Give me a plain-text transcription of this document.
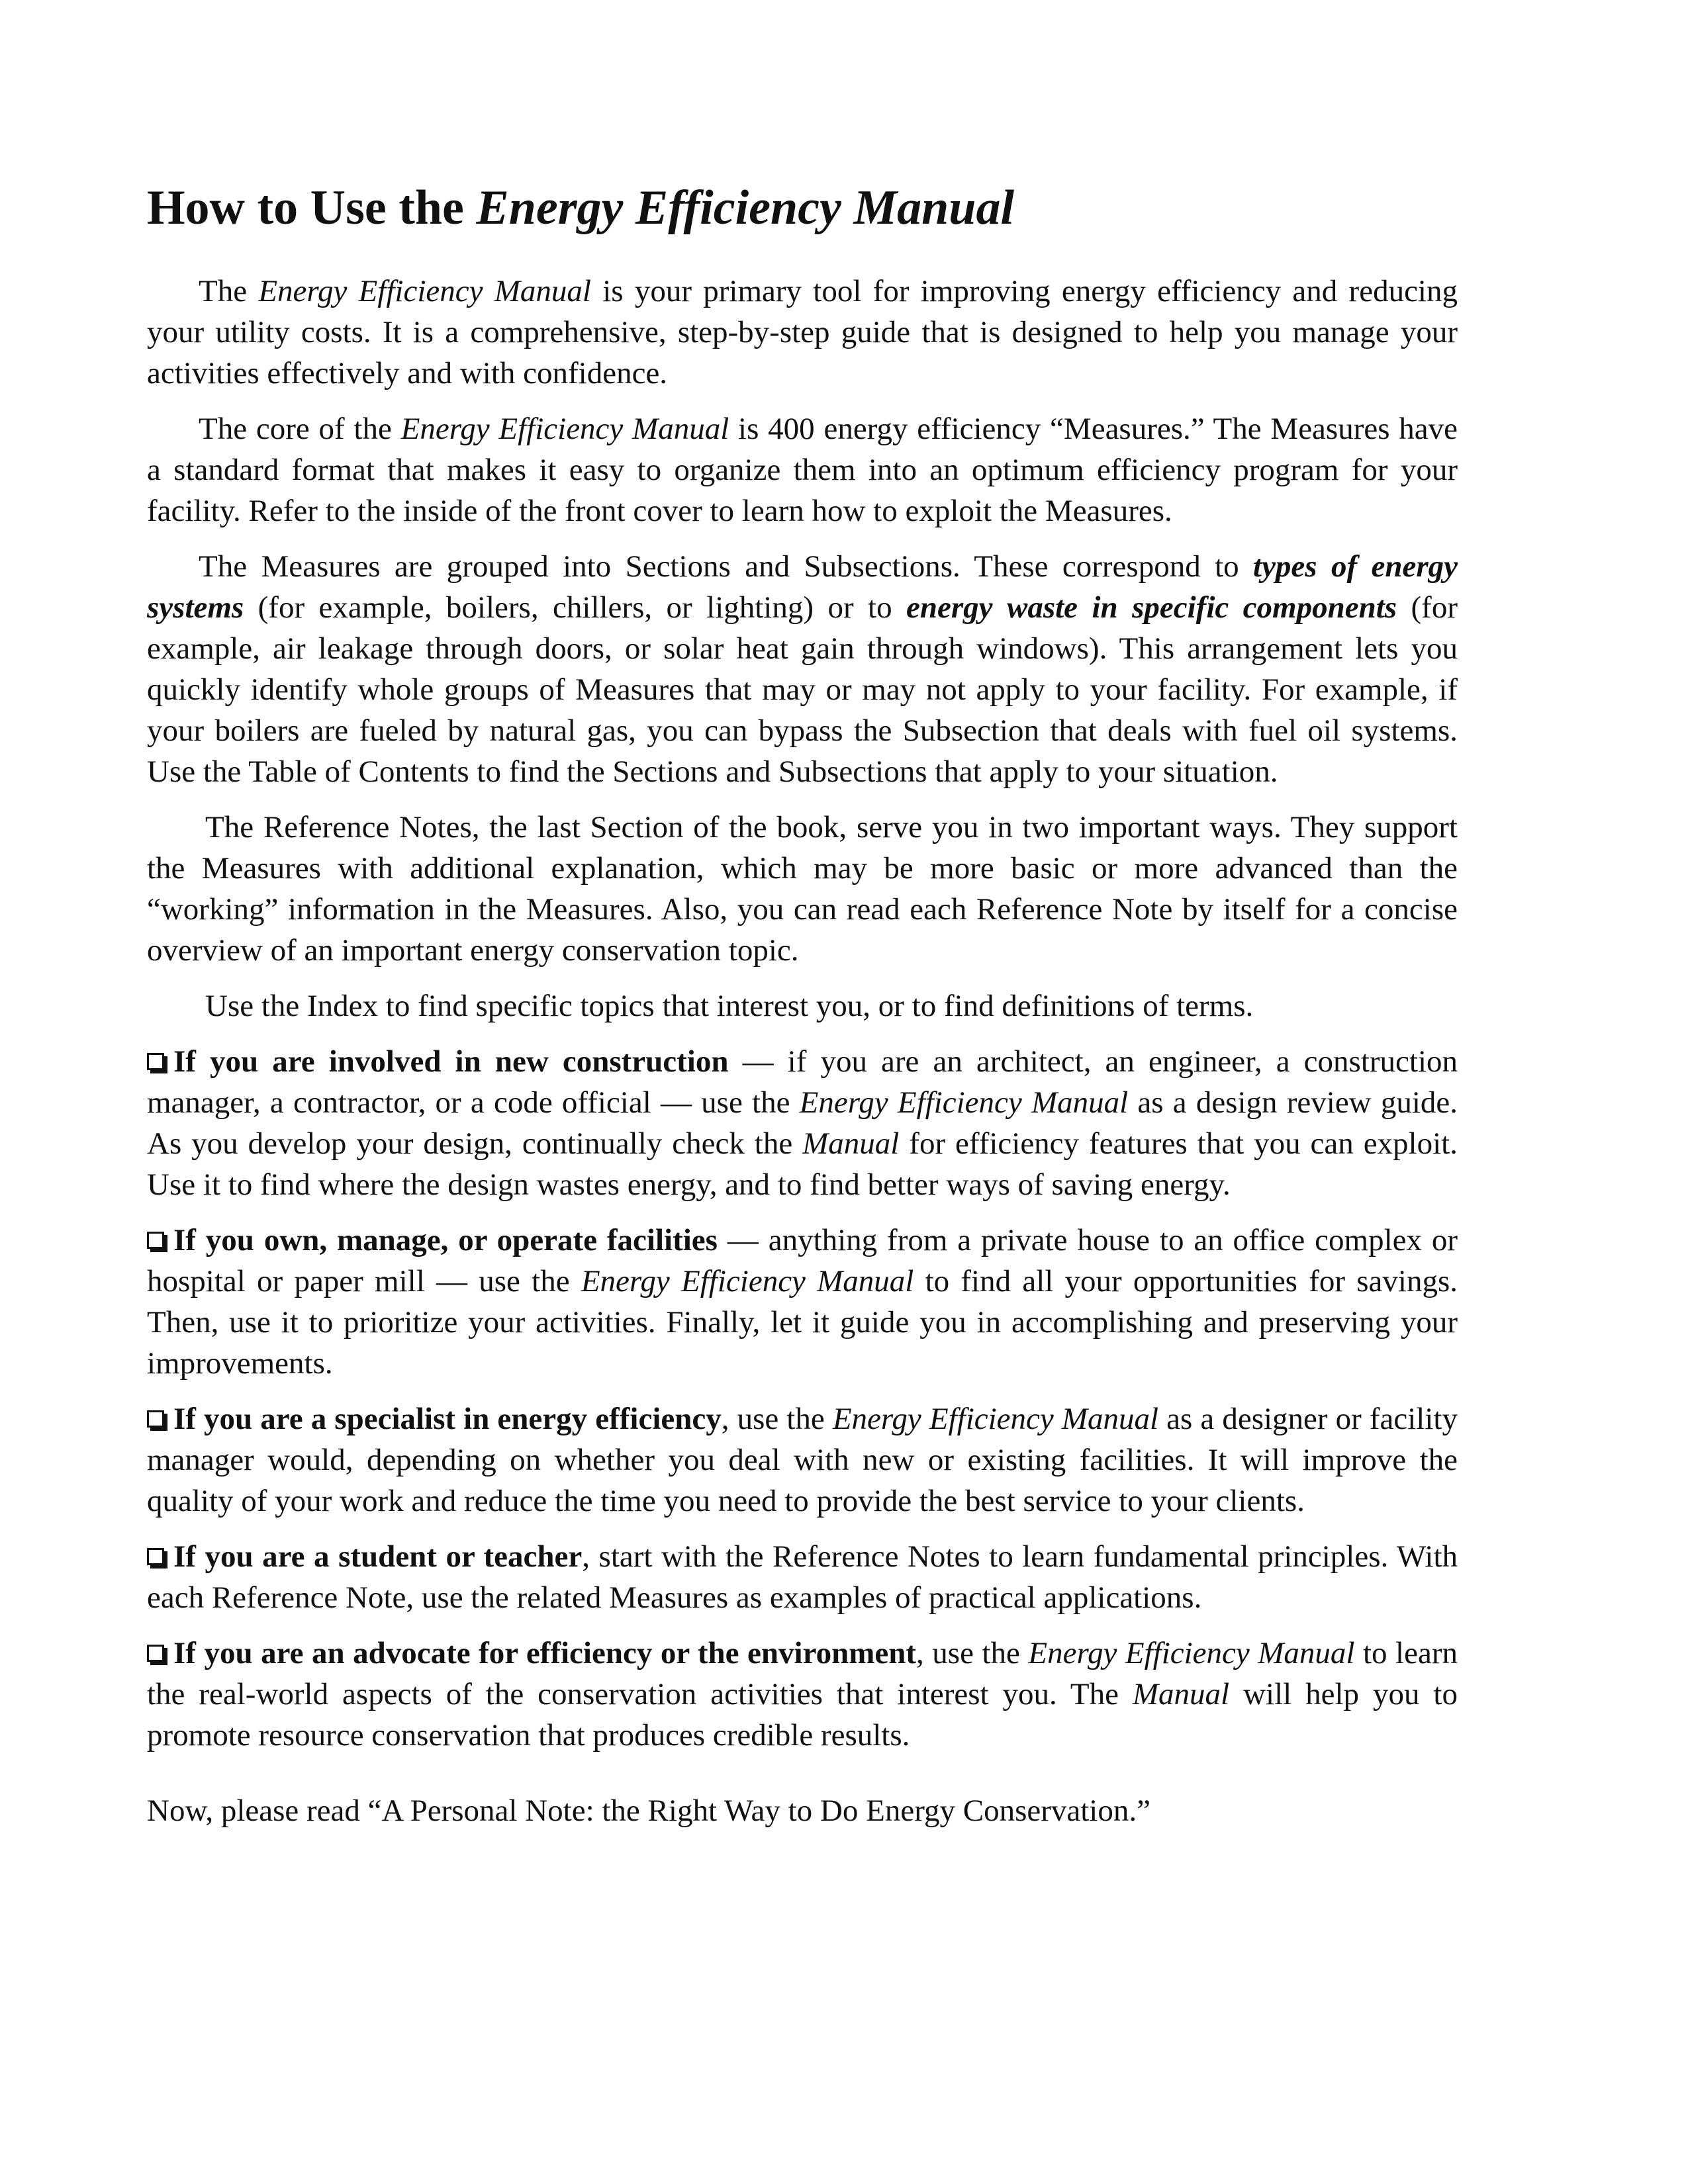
How to Use the Energy Efficiency Manual

The Energy Efficiency Manual is your primary tool for improving energy efficiency and reducing your utility costs. It is a comprehensive, step-by-step guide that is designed to help you manage your activities effectively and with confidence.

The core of the Energy Efficiency Manual is 400 energy efficiency “Measures.” The Measures have a standard format that makes it easy to organize them into an optimum efficiency program for your facility. Refer to the inside of the front cover to learn how to exploit the Measures.

The Measures are grouped into Sections and Subsections. These correspond to types of energy systems (for example, boilers, chillers, or lighting) or to energy waste in specific components (for example, air leakage through doors, or solar heat gain through windows). This arrangement lets you quickly identify whole groups of Measures that may or may not apply to your facility. For example, if your boilers are fueled by natural gas, you can bypass the Subsection that deals with fuel oil systems. Use the Table of Contents to find the Sections and Subsections that apply to your situation.

The Reference Notes, the last Section of the book, serve you in two important ways. They support the Measures with additional explanation, which may be more basic or more advanced than the “working” information in the Measures. Also, you can read each Reference Note by itself for a concise overview of an important energy conservation topic.

Use the Index to find specific topics that interest you, or to find definitions of terms.

If you are involved in new construction — if you are an architect, an engineer, a construction manager, a contractor, or a code official — use the Energy Efficiency Manual as a design review guide. As you develop your design, continually check the Manual for efficiency features that you can exploit. Use it to find where the design wastes energy, and to find better ways of saving energy.

If you own, manage, or operate facilities — anything from a private house to an office complex or hospital or paper mill — use the Energy Efficiency Manual to find all your opportunities for savings. Then, use it to prioritize your activities. Finally, let it guide you in accomplishing and preserving your improvements.

If you are a specialist in energy efficiency, use the Energy Efficiency Manual as a designer or facility manager would, depending on whether you deal with new or existing facilities. It will improve the quality of your work and reduce the time you need to provide the best service to your clients.

If you are a student or teacher, start with the Reference Notes to learn fundamental principles. With each Reference Note, use the related Measures as examples of practical applications.

If you are an advocate for efficiency or the environment, use the Energy Efficiency Manual to learn the real-world aspects of the conservation activities that interest you. The Manual will help you to promote resource conservation that produces credible results.

Now, please read “A Personal Note: the Right Way to Do Energy Conservation.”
